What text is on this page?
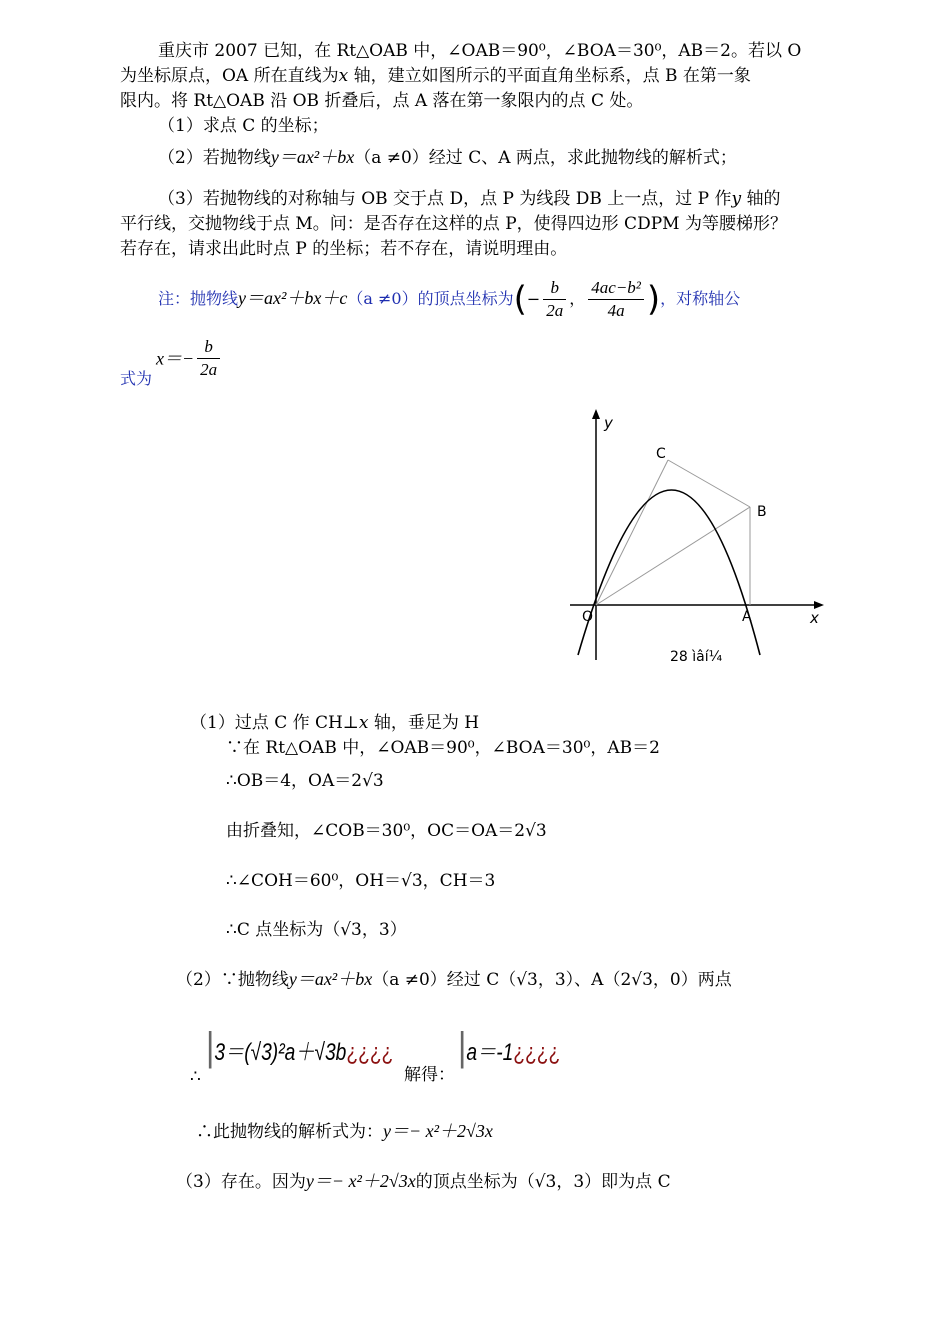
重庆市 2007 已知，在 Rt△OAB 中，∠OAB＝90⁰，∠BOA＝30⁰，AB＝2。若以 O
为坐标原点，OA 所在直线为𝑥 轴，建立如图所示的平面直角坐标系，点 B 在第一象
限内。将 Rt△OAB 沿 OB 折叠后，点 A 落在第一象限内的点 C 处。
（1）求点 C 的坐标；
（2）若抛物线y＝ax²＋bx（a ≠0）经过 C、A 两点，求此抛物线的解析式；
（3）若抛物线的对称轴与 OB 交于点 D，点 P 为线段 DB 上一点，过 P 作𝑦 轴的
平行线，交抛物线于点 M。问：是否存在这样的点 P，使得四边形 CDPM 为等腰梯形？
若存在，请求出此时点 P 的坐标；若不存在，请说明理由。
注：抛物线y＝ax²＋bx＋c（a ≠0）的顶点坐标为(− $\frac{b}{2a}$ ， $\frac{\text{4ac−b²}}{4a}$ )，对称轴公
式为
$x=- \frac{b}{2a}$
y
x
C
B
O	A
28 ìâí¼
（1）过点 C 作 CH⊥𝑥 轴，垂足为 H
∵在 Rt△OAB 中，∠OAB＝90⁰，∠BOA＝30⁰，AB＝2
∴OB＝4，OA＝2√3
由折叠知，∠COB＝30⁰，OC＝OA＝2√3
∴∠COH＝60⁰，OH＝√3，CH＝3
∴C 点坐标为（√3，3）
（2）∵抛物线y＝ax²＋bx（a ≠0）经过 C（√3，3）、A（2√3，0）两点
∴
|3＝(√3)²a＋√3b¿¿¿¿
解得：
|a＝-1¿¿¿¿
∴此抛物线的解析式为：y＝− x²＋2√3x
（3）存在。因为y＝− x²＋2√3x的顶点坐标为（√3，3）即为点 C
